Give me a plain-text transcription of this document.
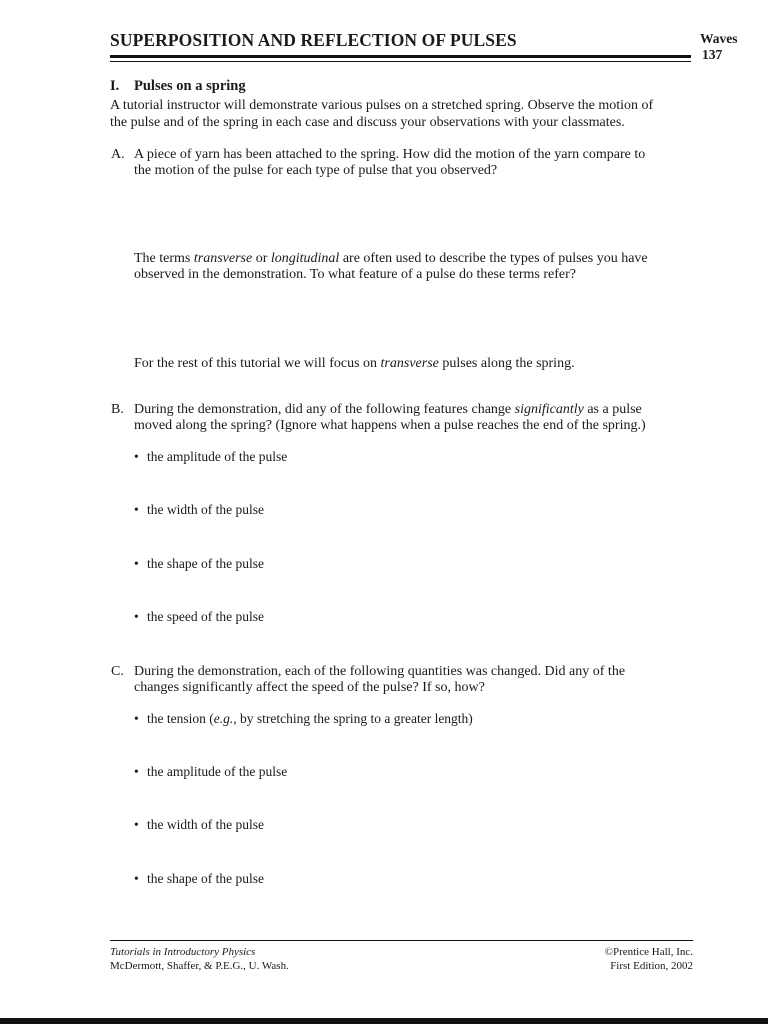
SUPERPOSITION AND REFLECTION OF PULSES	Waves
137
I. Pulses on a spring
A tutorial instructor will demonstrate various pulses on a stretched spring. Observe the motion of
the pulse and of the spring in each case and discuss your observations with your classmates.
A. A piece of yarn has been attached to the spring. How did the motion of the yarn compare to
the motion of the pulse for each type of pulse that you observed?
The terms transverse or longitudinal are often used to describe the types of pulses you have
observed in the demonstration. To what feature of a pulse do these terms refer?
For the rest of this tutorial we will focus on transverse pulses along the spring.
B. During the demonstration, did any of the following features change significantly as a pulse
moved along the spring? (Ignore what happens when a pulse reaches the end of the spring.)
• the amplitude of the pulse
• the width of the pulse
• the shape of the pulse
• the speed of the pulse
C. During the demonstration, each of the following quantities was changed. Did any of the
changes significantly affect the speed of the pulse? If so, how?
• the tension (e.g., by stretching the spring to a greater length)
• the amplitude of the pulse
• the width of the pulse
• the shape of the pulse
Tutorials in Introductory Physics
McDermott, Shaffer, & P.E.G., U. Wash.
©Prentice Hall, Inc.
First Edition, 2002
